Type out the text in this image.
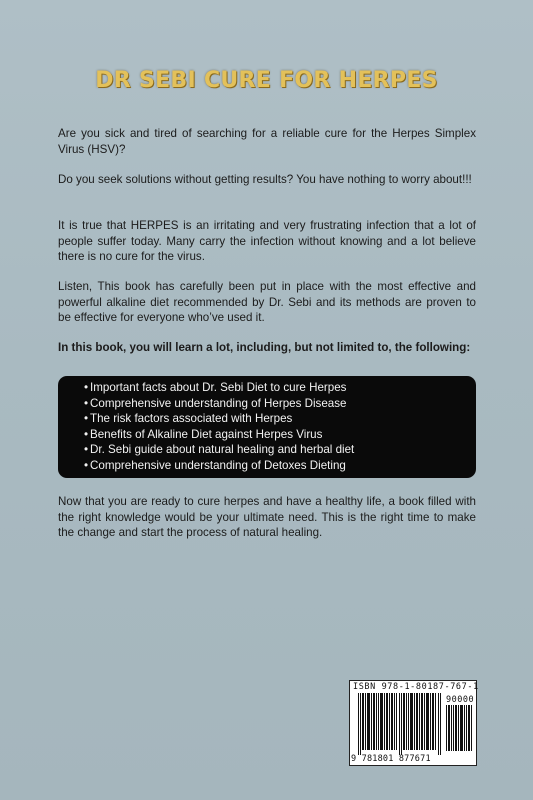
DR SEBI CURE FOR HERPES

Are you sick and tired of searching for a reliable cure for the Herpes Simplex Virus (HSV)?

Do you seek solutions without getting results? You have nothing to worry about!!!

It is true that HERPES is an irritating and very frustrating infection that a lot of people suffer today. Many carry the infection without knowing and a lot believe there is no cure for the virus.

Listen, This book has carefully been put in place with the most effective and powerful alkaline diet recommended by Dr. Sebi and its methods are proven to be effective for everyone who’ve used it.

In this book, you will learn a lot, including, but not limited to, the following:

• Important facts about Dr. Sebi Diet to cure Herpes
• Comprehensive understanding of Herpes Disease
• The risk factors associated with Herpes
• Benefits of Alkaline Diet against Herpes Virus
• Dr. Sebi guide about natural healing and herbal diet
• Comprehensive understanding of Detoxes Dieting

Now that you are ready to cure herpes and have a healthy life, a book filled with the right knowledge would be your ultimate need. This is the right time to make the change and start the process of natural healing.

ISBN 978-1-80187-767-1
90000
9 781801 877671
